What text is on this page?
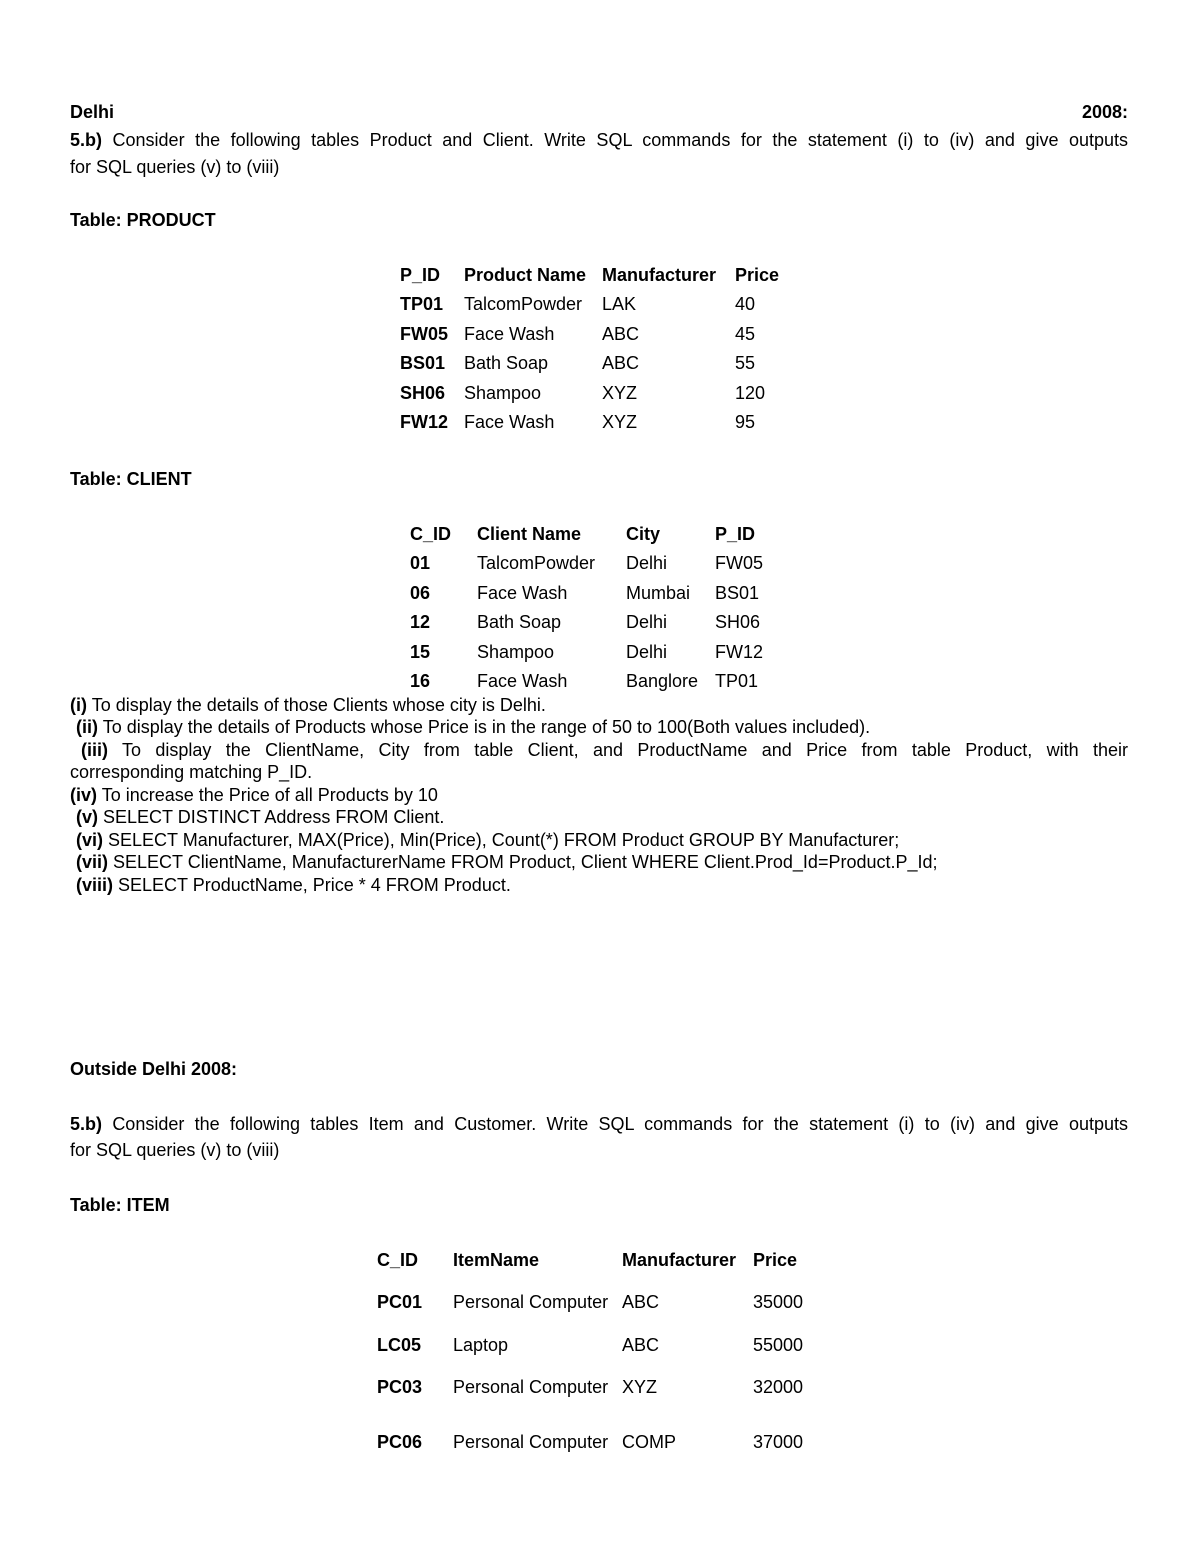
Delhi	2008:
5.b) Consider the following tables Product and Client. Write SQL commands for the statement (i) to (iv) and give outputs
for SQL queries (v) to (viii)
Table: PRODUCT
P_ID	Product Name	Manufacturer	Price
TP01	TalcomPowder	LAK	40
FW05	Face Wash	ABC	45
BS01	Bath Soap	ABC	55
SH06	Shampoo	XYZ	120
FW12	Face Wash	XYZ	95
Table: CLIENT
C_ID	Client Name	City	P_ID
01	TalcomPowder	Delhi	FW05
06	Face Wash	Mumbai	BS01
12	Bath Soap	Delhi	SH06
15	Shampoo	Delhi	FW12
16	Face Wash	Banglore	TP01
(i) To display the details of those Clients whose city is Delhi.
(ii) To display the details of Products whose Price is in the range of 50 to 100(Both values included).
(iii) To display the ClientName, City from table Client, and ProductName and Price from table Product, with their
corresponding matching P_ID.
(iv) To increase the Price of all Products by 10
(v) SELECT DISTINCT Address FROM Client.
(vi) SELECT Manufacturer, MAX(Price), Min(Price), Count(*) FROM Product GROUP BY Manufacturer;
(vii) SELECT ClientName, ManufacturerName FROM Product, Client WHERE Client.Prod_Id=Product.P_Id;
(viii) SELECT ProductName, Price * 4 FROM Product.
Outside Delhi 2008:
5.b) Consider the following tables Item and Customer. Write SQL commands for the statement (i) to (iv) and give outputs
for SQL queries (v) to (viii)
Table: ITEM
C_ID	ItemName	Manufacturer	Price
PC01	Personal Computer	ABC	35000
LC05	Laptop	ABC	55000
PC03	Personal Computer	XYZ	32000
PC06	Personal Computer	COMP	37000
